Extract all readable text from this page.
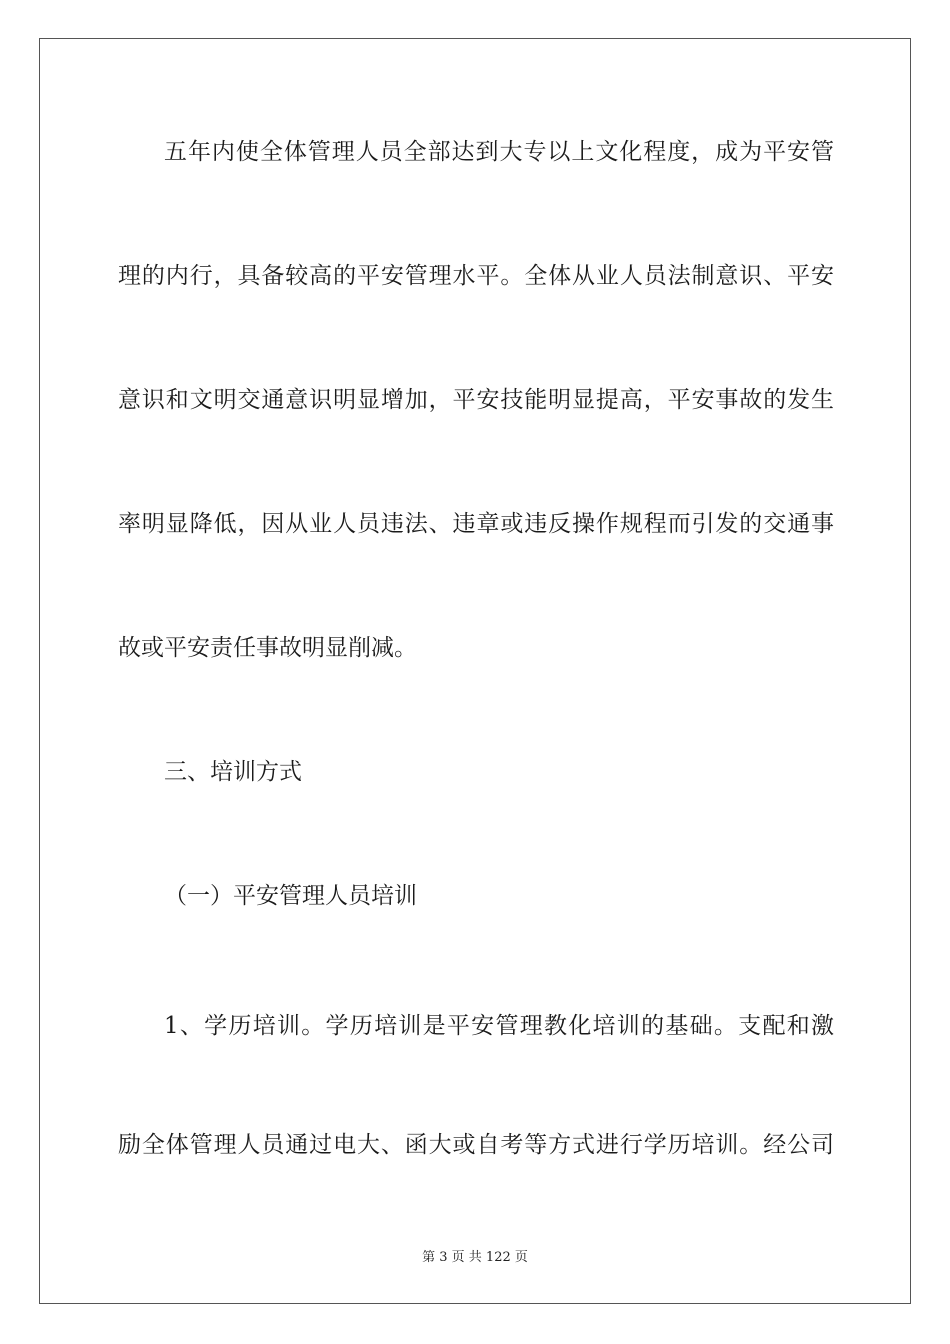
五年内使全体管理人员全部达到大专以上文化程度，成为平安管
理的内行，具备较高的平安管理水平。全体从业人员法制意识、平安
意识和文明交通意识明显增加，平安技能明显提高，平安事故的发生
率明显降低，因从业人员违法、违章或违反操作规程而引发的交通事
故或平安责任事故明显削减。
三、培训方式
（一）平安管理人员培训
1、学历培训。学历培训是平安管理教化培训的基础。支配和激
励全体管理人员通过电大、函大或自考等方式进行学历培训。经公司
第 3 页 共 122 页
